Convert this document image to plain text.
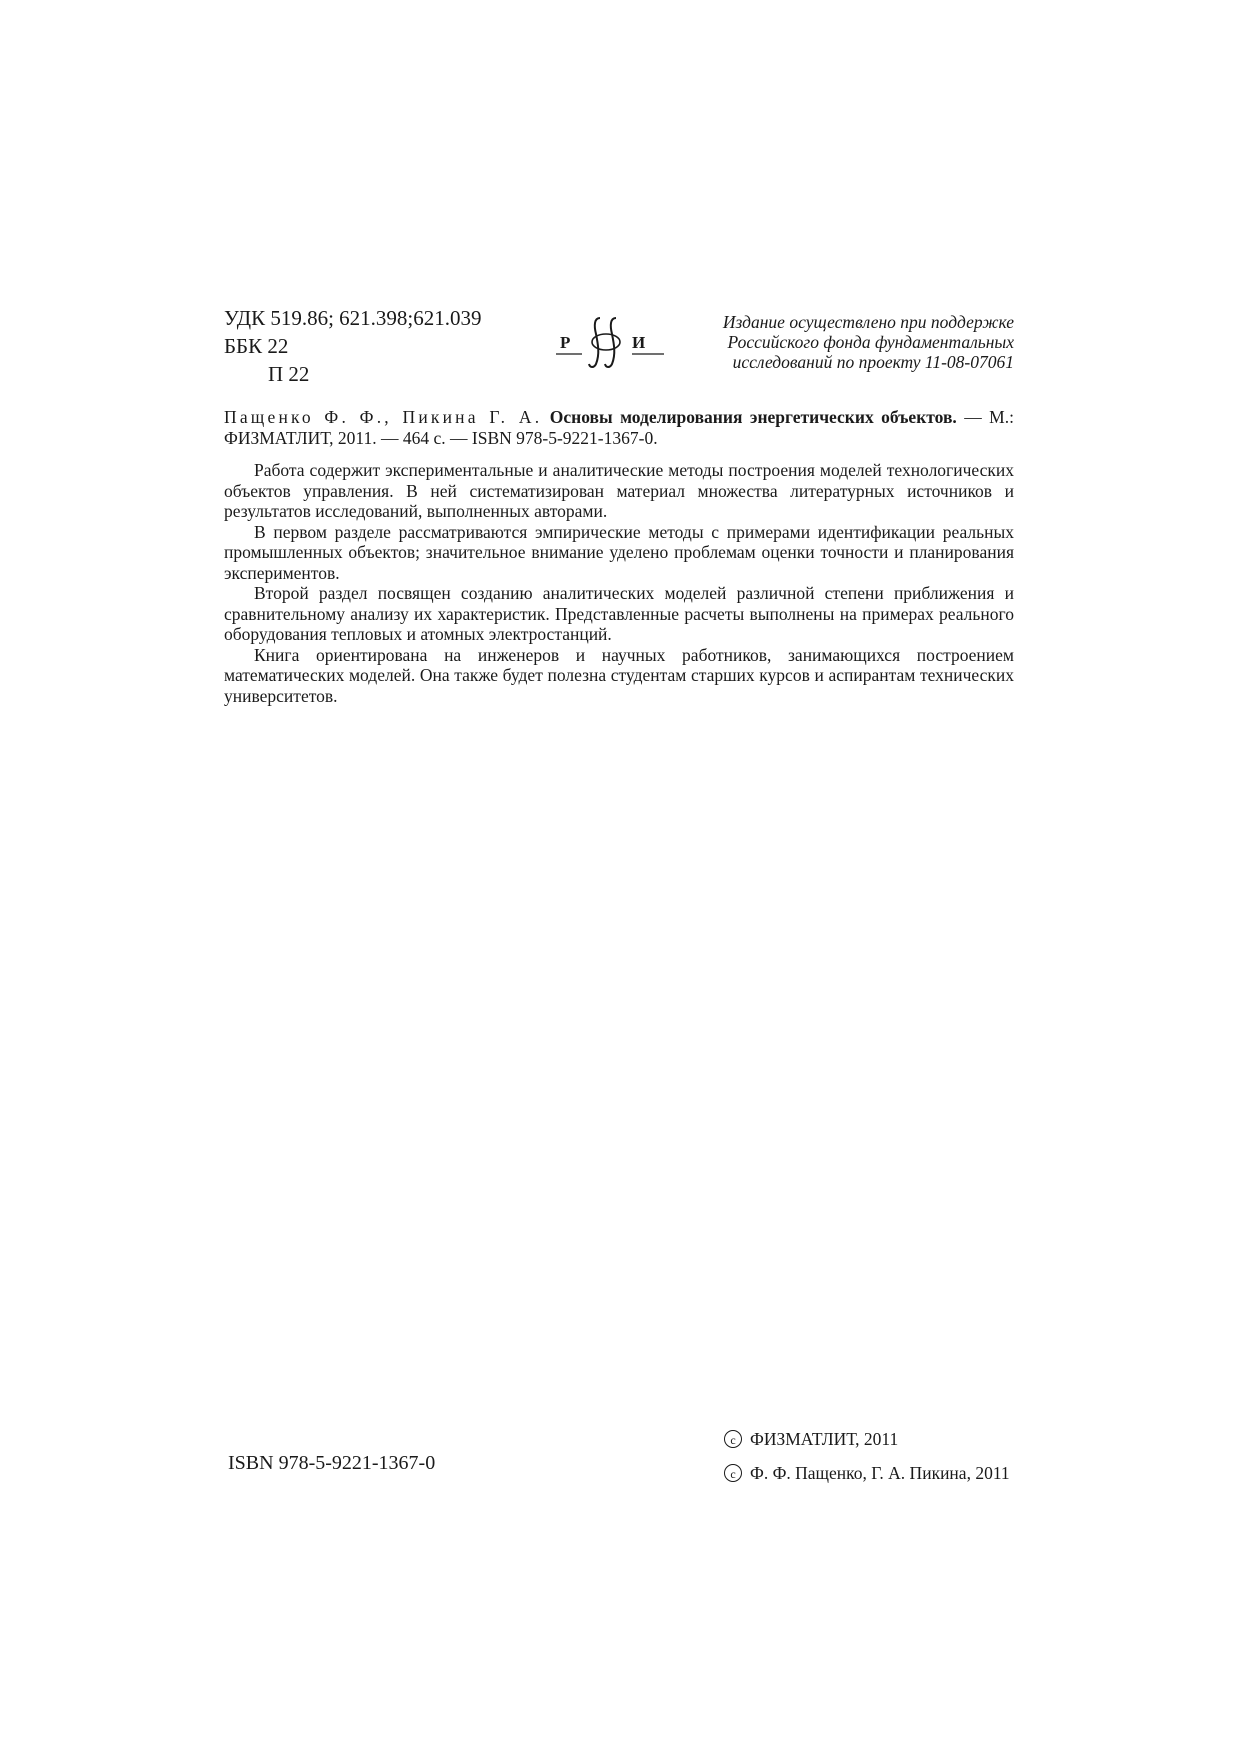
УДК 519.86; 621.398;621.039
ББК 22
П 22
Р	И
Издание осуществлено при поддержке
Российского фонда фундаментальных
исследований по проекту 11-08-07061
Пащенко Ф. Ф., Пикина Г. А. Основы моделирования энергетических объектов. — М.: ФИЗМАТЛИТ, 2011. — 464 с. — ISBN 978-5-9221-1367-0.

Работа содержит экспериментальные и аналитические методы построения моделей технологических объектов управления. В ней систематизирован материал множества литературных источников и результатов исследований, выполненных авторами.

В первом разделе рассматриваются эмпирические методы с примерами идентификации реальных промышленных объектов; значительное внимание уделено проблемам оценки точности и планирования экспериментов.

Второй раздел посвящен созданию аналитических моделей различной степени приближения и сравнительному анализу их характеристик. Представленные расчеты выполнены на примерах реального оборудования тепловых и атомных электростанций.

Книга ориентирована на инженеров и научных работников, занимающихся построением математических моделей. Она также будет полезна студентам старших курсов и аспирантам технических университетов.

ISBN 978-5-9221-1367-0
c ФИЗМАТЛИТ, 2011
c Ф. Ф. Пащенко, Г. А. Пикина, 2011
